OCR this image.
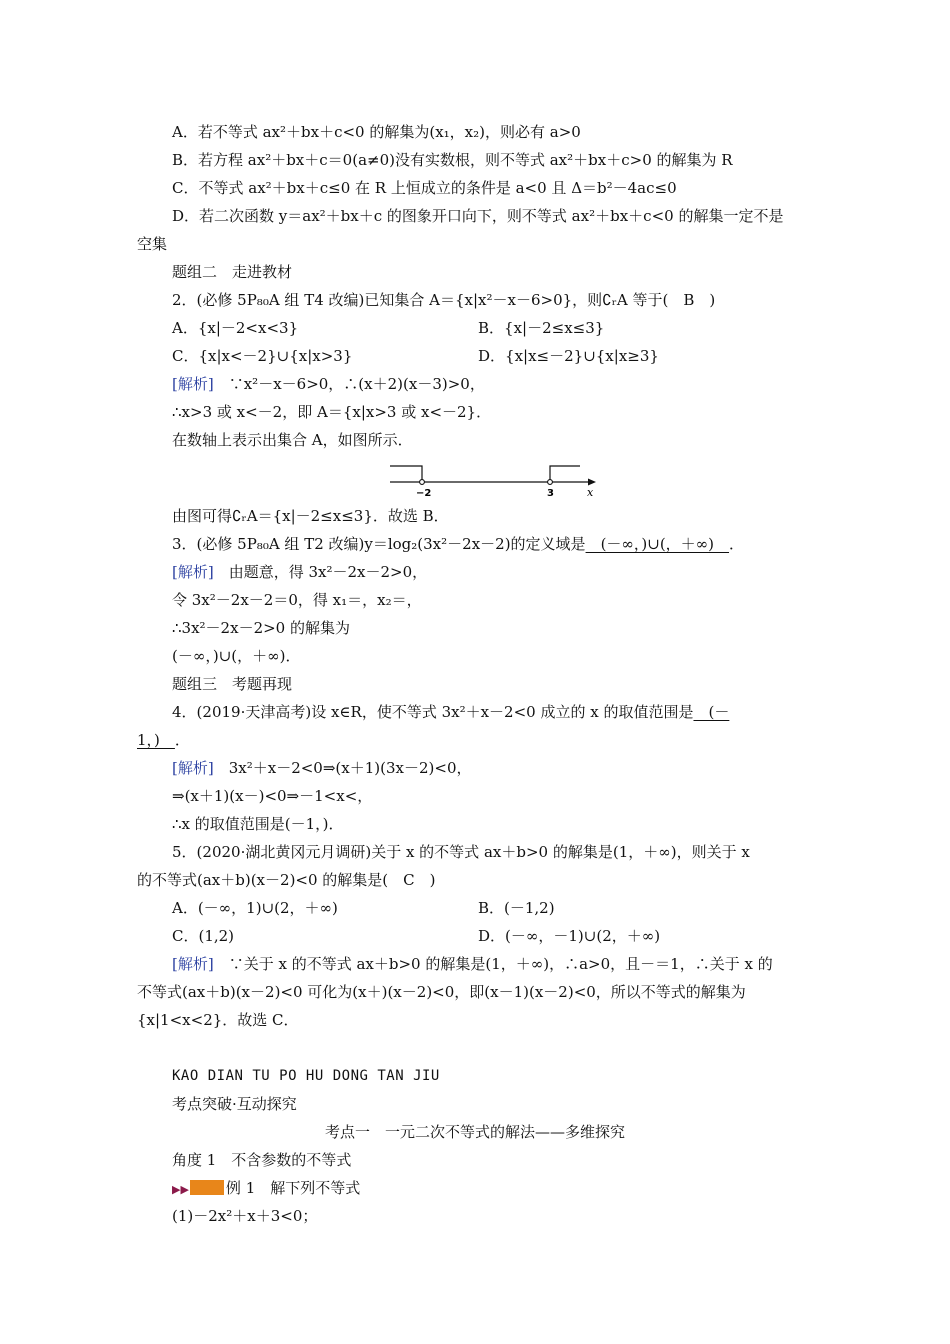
A．若不等式 ax²＋bx＋c<0 的解集为(x₁，x₂)，则必有 a>0
B．若方程 ax²＋bx＋c＝0(a≠0)没有实数根，则不等式 ax²＋bx＋c>0 的解集为 R
C．不等式 ax²＋bx＋c≤0 在 R 上恒成立的条件是 a<0 且 Δ＝b²－4ac≤0
D．若二次函数 y＝ax²＋bx＋c 的图象开口向下，则不等式 ax²＋bx＋c<0 的解集一定不是
空集
题组二　走进教材
2．(必修 5P₈₀A 组 T4 改编)已知集合 A＝{x|x²－x－6>0}，则∁ᵣA 等于(　B　)
A．{x|－2<x<3}	B．{x|－2≤x≤3}
C．{x|x<－2}∪{x|x>3}	D．{x|x≤－2}∪{x|x≥3}
[解析]　∵x²－x－6>0，∴(x＋2)(x－3)>0，
∴x>3 或 x<－2，即 A＝{x|x>3 或 x<－2}．
在数轴上表示出集合 A，如图所示．
−2	3	x
由图可得∁ᵣA＝{x|－2≤x≤3}．故选 B．
3．(必修 5P₈₀A 组 T2 改编)y＝log₂(3x²－2x－2)的定义域是　(－∞，)∪(，＋∞)　．
[解析]　由题意，得 3x²－2x－2>0，
令 3x²－2x－2＝0，得 x₁＝，x₂＝，
∴3x²－2x－2>0 的解集为
(－∞，)∪(，＋∞)．
题组三　考题再现
4．(2019·天津高考)设 x∈R，使不等式 3x²＋x－2<0 成立的 x 的取值范围是　(－
1，)　．
[解析]　3x²＋x－2<0⇒(x＋1)(3x－2)<0，
⇒(x＋1)(x－)<0⇒－1<x<，
∴x 的取值范围是(－1，)．
5．(2020·湖北黄冈元月调研)关于 x 的不等式 ax＋b>0 的解集是(1，＋∞)，则关于 x
的不等式(ax＋b)(x－2)<0 的解集是(　C　)
A．(－∞，1)∪(2，＋∞)	B．(－1,2)
C．(1,2)	D．(－∞，－1)∪(2，＋∞)
[解析]　∵关于 x 的不等式 ax＋b>0 的解集是(1，＋∞)，∴a>0，且－＝1，∴关于 x 的
不等式(ax＋b)(x－2)<0 可化为(x＋)(x－2)<0，即(x－1)(x－2)<0，所以不等式的解集为
{x|1<x<2}．故选 C．
KAO DIAN TU PO HU DONG TAN JIU
考点突破·互动探究
考点一　一元二次不等式的解法——多维探究
角度 1　不含参数的不等式
▶▶ 例 1　解下列不等式
(1)－2x²＋x＋3<0；
